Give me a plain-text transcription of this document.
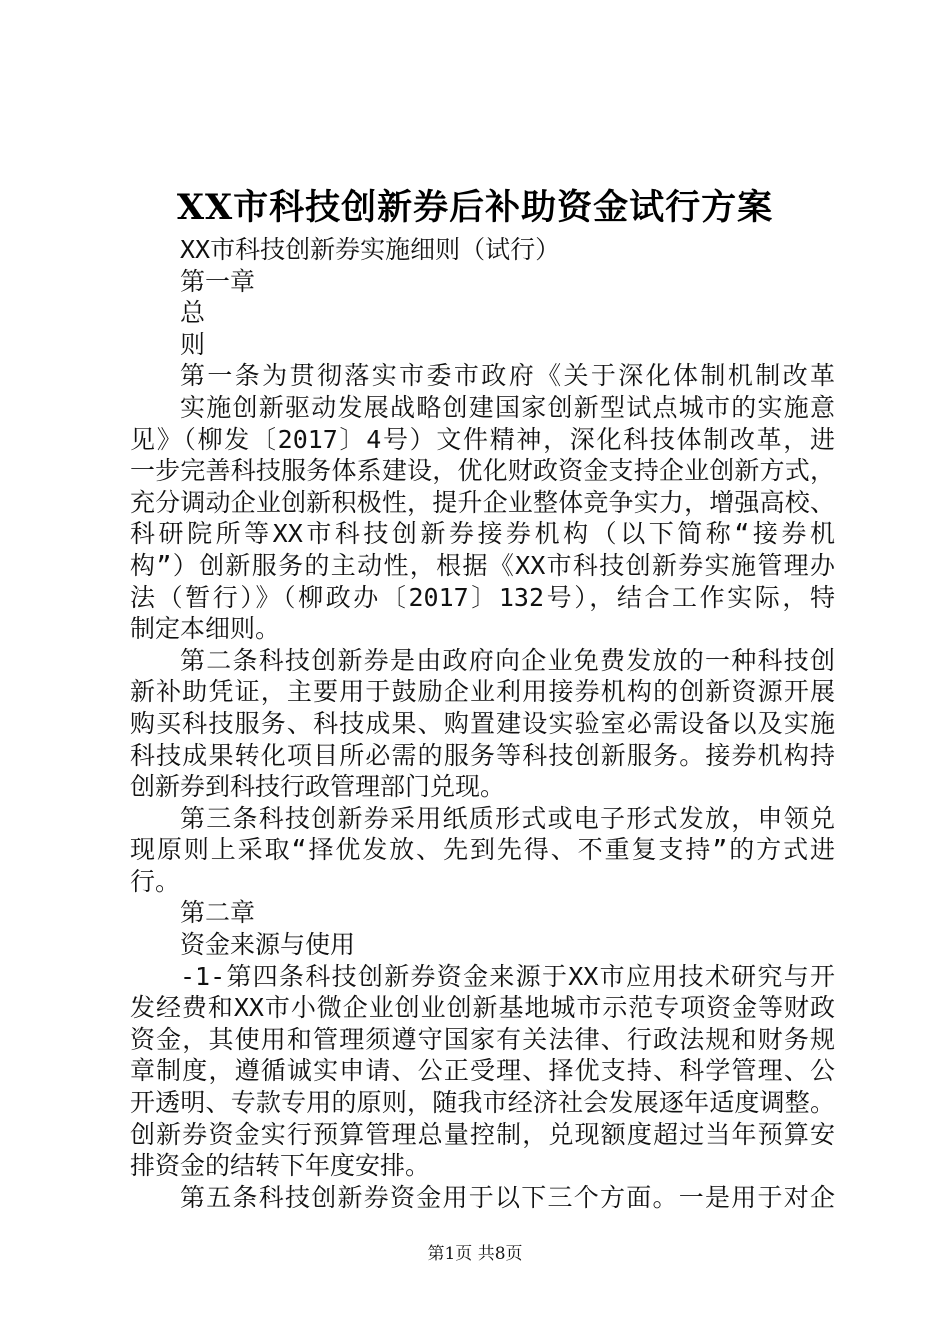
XX市科技创新券后补助资金试行方案
XX市科技创新券实施细则（试行）
第一章
总
则
第一条为贯彻落实市委市政府《关于深化体制机制改革
实施创新驱动发展战略创建国家创新型试点城市的实施意
见》（柳发〔2017〕4号）文件精神，深化科技体制改革，进
一步完善科技服务体系建设，优化财政资金支持企业创新方式，
充分调动企业创新积极性，提升企业整体竞争实力，增强高校、
科研院所等XX市科技创新券接券机构（以下简称“接券机
构”）创新服务的主动性，根据《XX市科技创新券实施管理办
法（暂行）》（柳政办〔2017〕132号），结合工作实际，特
制定本细则。
第二条科技创新券是由政府向企业免费发放的一种科技创
新补助凭证，主要用于鼓励企业利用接券机构的创新资源开展
购买科技服务、科技成果、购置建设实验室必需设备以及实施
科技成果转化项目所必需的服务等科技创新服务。接券机构持
创新券到科技行政管理部门兑现。
第三条科技创新券采用纸质形式或电子形式发放，申领兑
现原则上采取“择优发放、先到先得、不重复支持”的方式进
行。
第二章
资金来源与使用
-1-第四条科技创新券资金来源于XX市应用技术研究与开
发经费和XX市小微企业创业创新基地城市示范专项资金等财政
资金，其使用和管理须遵守国家有关法律、行政法规和财务规
章制度，遵循诚实申请、公正受理、择优支持、科学管理、公
开透明、专款专用的原则，随我市经济社会发展逐年适度调整。
创新券资金实行预算管理总量控制，兑现额度超过当年预算安
排资金的结转下年度安排。
第五条科技创新券资金用于以下三个方面。一是用于对企
第1页 共8页
